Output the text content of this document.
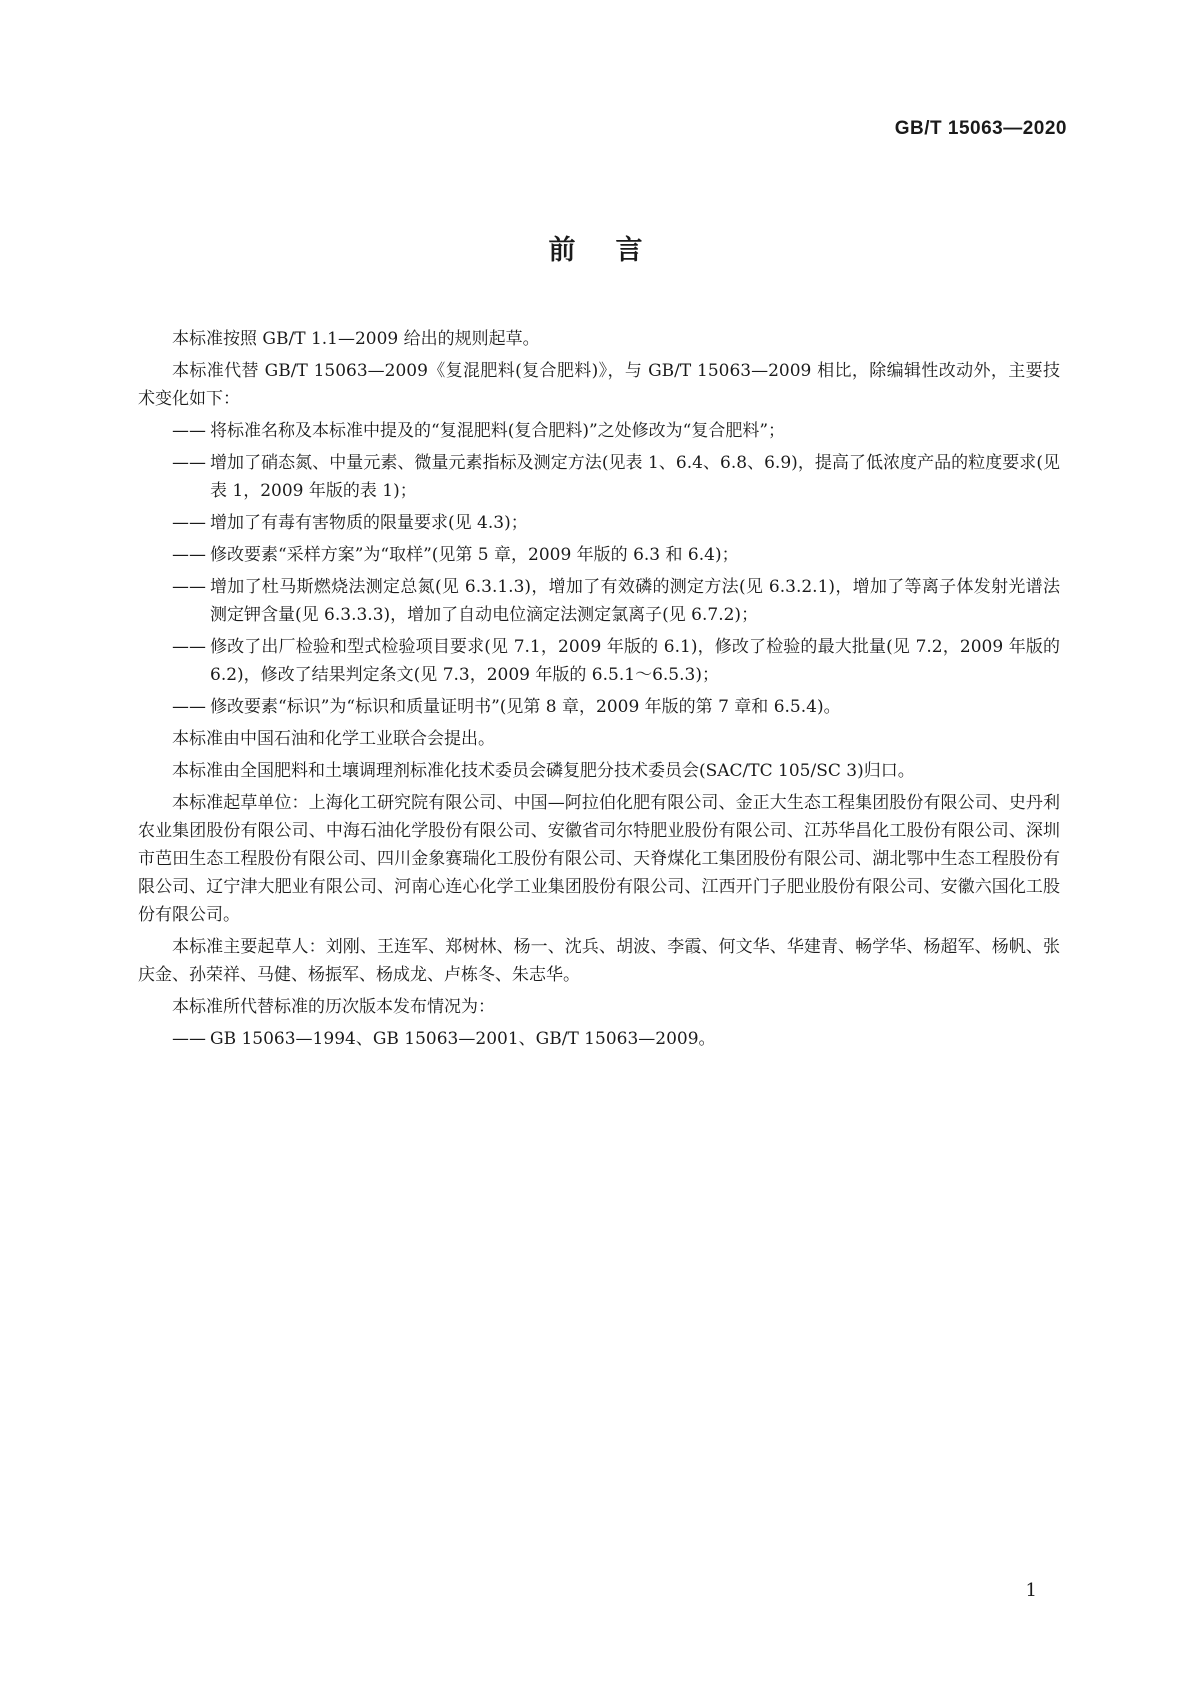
GB/T 15063—2020
前言

本标准按照 GB/T 1.1—2009 给出的规则起草。

本标准代替 GB/T 15063—2009《复混肥料(复合肥料)》，与 GB/T 15063—2009 相比，除编辑性改动外，主要技术变化如下：

—— 将标准名称及本标准中提及的“复混肥料(复合肥料)”之处修改为“复合肥料”；
—— 增加了硝态氮、中量元素、微量元素指标及测定方法(见表 1、6.4、6.8、6.9)，提高了低浓度产品的粒度要求(见表 1，2009 年版的表 1)；
—— 增加了有毒有害物质的限量要求(见 4.3)；
—— 修改要素“采样方案”为“取样”(见第 5 章，2009 年版的 6.3 和 6.4)；
—— 增加了杜马斯燃烧法测定总氮(见 6.3.1.3)，增加了有效磷的测定方法(见 6.3.2.1)，增加了等离子体发射光谱法测定钾含量(见 6.3.3.3)，增加了自动电位滴定法测定氯离子(见 6.7.2)；
—— 修改了出厂检验和型式检验项目要求(见 7.1，2009 年版的 6.1)，修改了检验的最大批量(见 7.2，2009 年版的 6.2)，修改了结果判定条文(见 7.3，2009 年版的 6.5.1～6.5.3)；
—— 修改要素“标识”为“标识和质量证明书”(见第 8 章，2009 年版的第 7 章和 6.5.4)。

本标准由中国石油和化学工业联合会提出。

本标准由全国肥料和土壤调理剂标准化技术委员会磷复肥分技术委员会(SAC/TC 105/SC 3)归口。

本标准起草单位：上海化工研究院有限公司、中国—阿拉伯化肥有限公司、金正大生态工程集团股份有限公司、史丹利农业集团股份有限公司、中海石油化学股份有限公司、安徽省司尔特肥业股份有限公司、江苏华昌化工股份有限公司、深圳市芭田生态工程股份有限公司、四川金象赛瑞化工股份有限公司、天脊煤化工集团股份有限公司、湖北鄂中生态工程股份有限公司、辽宁津大肥业有限公司、河南心连心化学工业集团股份有限公司、江西开门子肥业股份有限公司、安徽六国化工股份有限公司。

本标准主要起草人：刘刚、王连军、郑树林、杨一、沈兵、胡波、李霞、何文华、华建青、畅学华、杨超军、杨帆、张庆金、孙荣祥、马健、杨振军、杨成龙、卢栋冬、朱志华。

本标准所代替标准的历次版本发布情况为：

—— GB 15063—1994、GB 15063—2001、GB/T 15063—2009。
1
